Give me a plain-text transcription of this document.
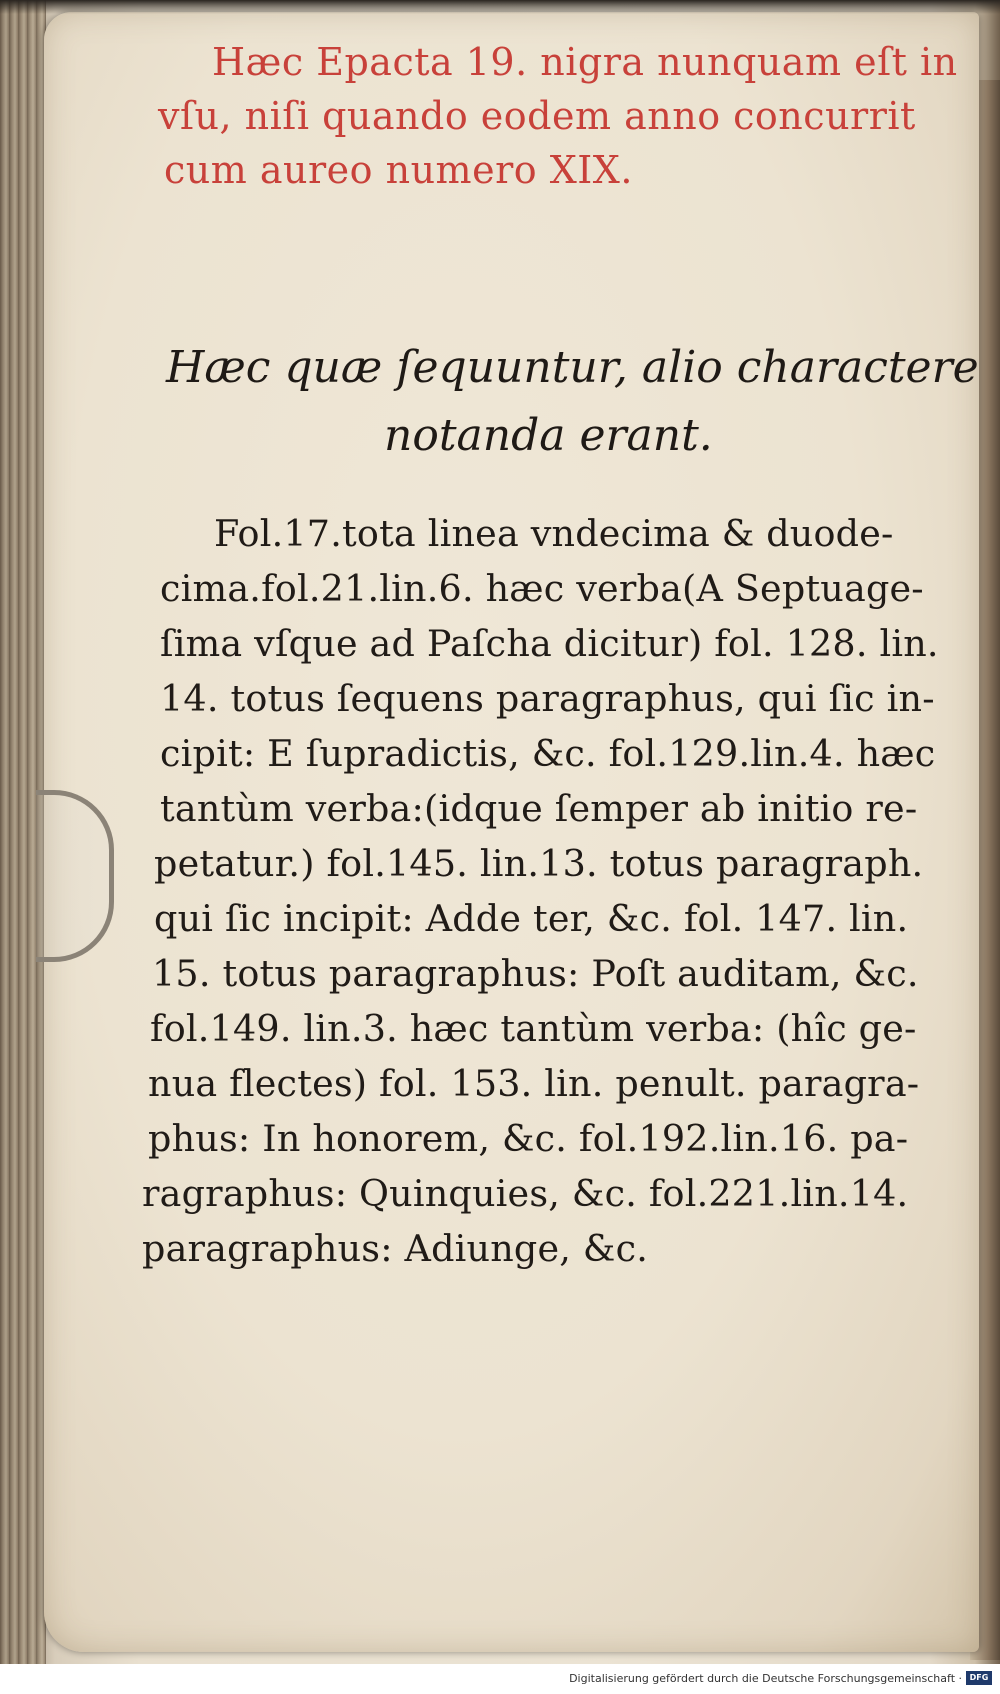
Hæc Epacta 19. nigra nunquam eſt in

vſu, niſi quando eodem anno concurrit

cum aureo numero XIX.

Hæc quæ ſequuntur, alio charactere

notanda erant.

Fol.17.tota linea vndecima & duode-

cima.fol.21.lin.6. hæc verba(A Septuage-

ſima vſque ad Paſcha dicitur) fol. 128. lin.

14. totus ſequens paragraphus, qui ſic in-

cipit: E ſupradictis, &c. fol.129.lin.4. hæc

tantùm verba:(idque ſemper ab initio re-

petatur.) fol.145. lin.13. totus paragraph.

qui ſic incipit: Adde ter, &c. fol. 147. lin.

15. totus paragraphus: Poſt auditam, &c.

fol.149. lin.3. hæc tantùm verba: (hîc ge-

nua flectes) fol. 153. lin. penult. paragra-

phus: In honorem, &c. fol.192.lin.16. pa-

ragraphus: Quinquies, &c. fol.221.lin.14.

paragraphus: Adiunge, &c.

Digitalisierung gefördert durch die Deutsche Forschungsgemeinschaft · DFG
